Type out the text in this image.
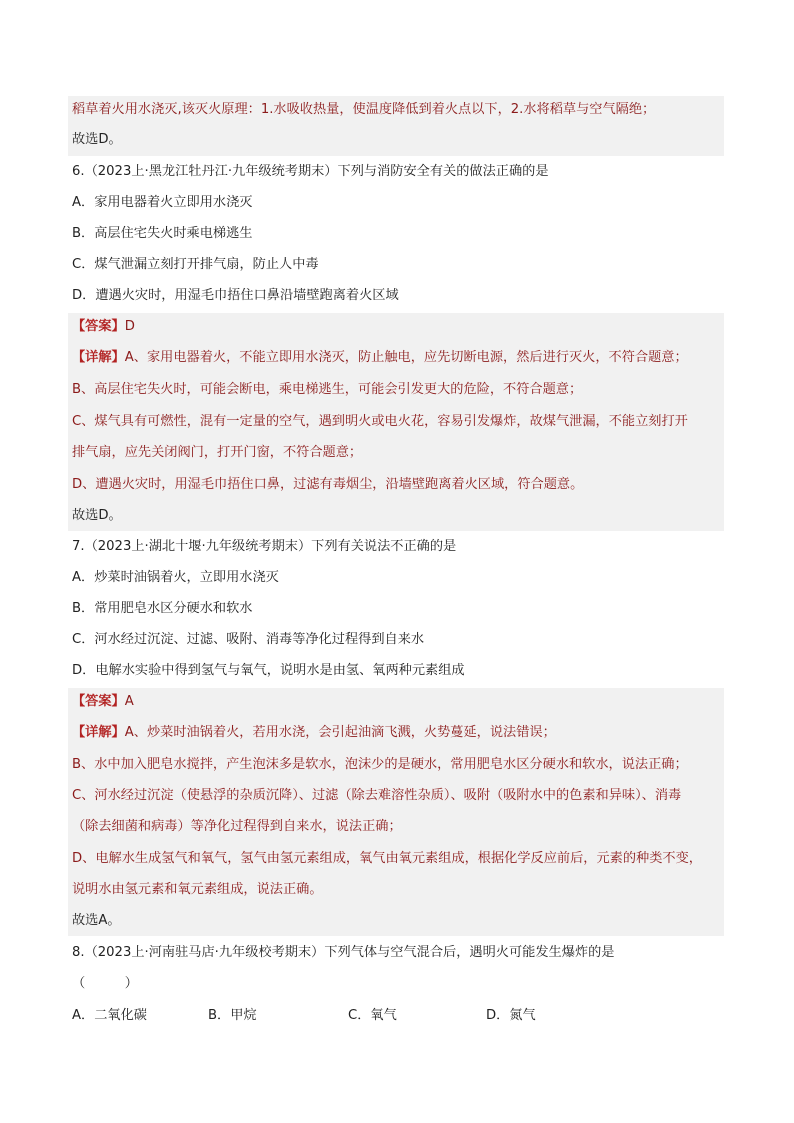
稻草着火用水浇灭,该灭火原理：1.水吸收热量，使温度降低到着火点以下，2.水将稻草与空气隔绝；
故选D。
6.（2023上·黑龙江牡丹江·九年级统考期末）下列与消防安全有关的做法正确的是
A．家用电器着火立即用水浇灭
B．高层住宅失火时乘电梯逃生
C．煤气泄漏立刻打开排气扇，防止人中毒
D．遭遇火灾时，用湿毛巾捂住口鼻沿墙壁跑离着火区域
【答案】D
【详解】A、家用电器着火，不能立即用水浇灭，防止触电，应先切断电源，然后进行灭火，不符合题意；
B、高层住宅失火时，可能会断电，乘电梯逃生，可能会引发更大的危险，不符合题意；
C、煤气具有可燃性，混有一定量的空气，遇到明火或电火花，容易引发爆炸，故煤气泄漏，不能立刻打开
排气扇，应先关闭阀门，打开门窗，不符合题意；
D、遭遇火灾时，用湿毛巾捂住口鼻，过滤有毒烟尘，沿墙壁跑离着火区域，符合题意。
故选D。
7.（2023上·湖北十堰·九年级统考期末）下列有关说法不正确的是
A．炒菜时油锅着火，立即用水浇灭
B．常用肥皂水区分硬水和软水
C．河水经过沉淀、过滤、吸附、消毒等净化过程得到自来水
D．电解水实验中得到氢气与氧气，说明水是由氢、氧两种元素组成
【答案】A
【详解】A、炒菜时油锅着火，若用水浇，会引起油滴飞溅，火势蔓延，说法错误；
B、水中加入肥皂水搅拌，产生泡沫多是软水，泡沫少的是硬水，常用肥皂水区分硬水和软水，说法正确；
C、河水经过沉淀（使悬浮的杂质沉降）、过滤（除去难溶性杂质）、吸附（吸附水中的色素和异味）、消毒
（除去细菌和病毒）等净化过程得到自来水，说法正确；
D、电解水生成氢气和氧气，氢气由氢元素组成，氧气由氧元素组成，根据化学反应前后，元素的种类不变，
说明水由氢元素和氧元素组成，说法正确。
故选A。
8.（2023上·河南驻马店·九年级校考期末）下列气体与空气混合后，遇明火可能发生爆炸的是
（　　　）
A．二氧化碳	B．甲烷	C．氧气	D．氮气
